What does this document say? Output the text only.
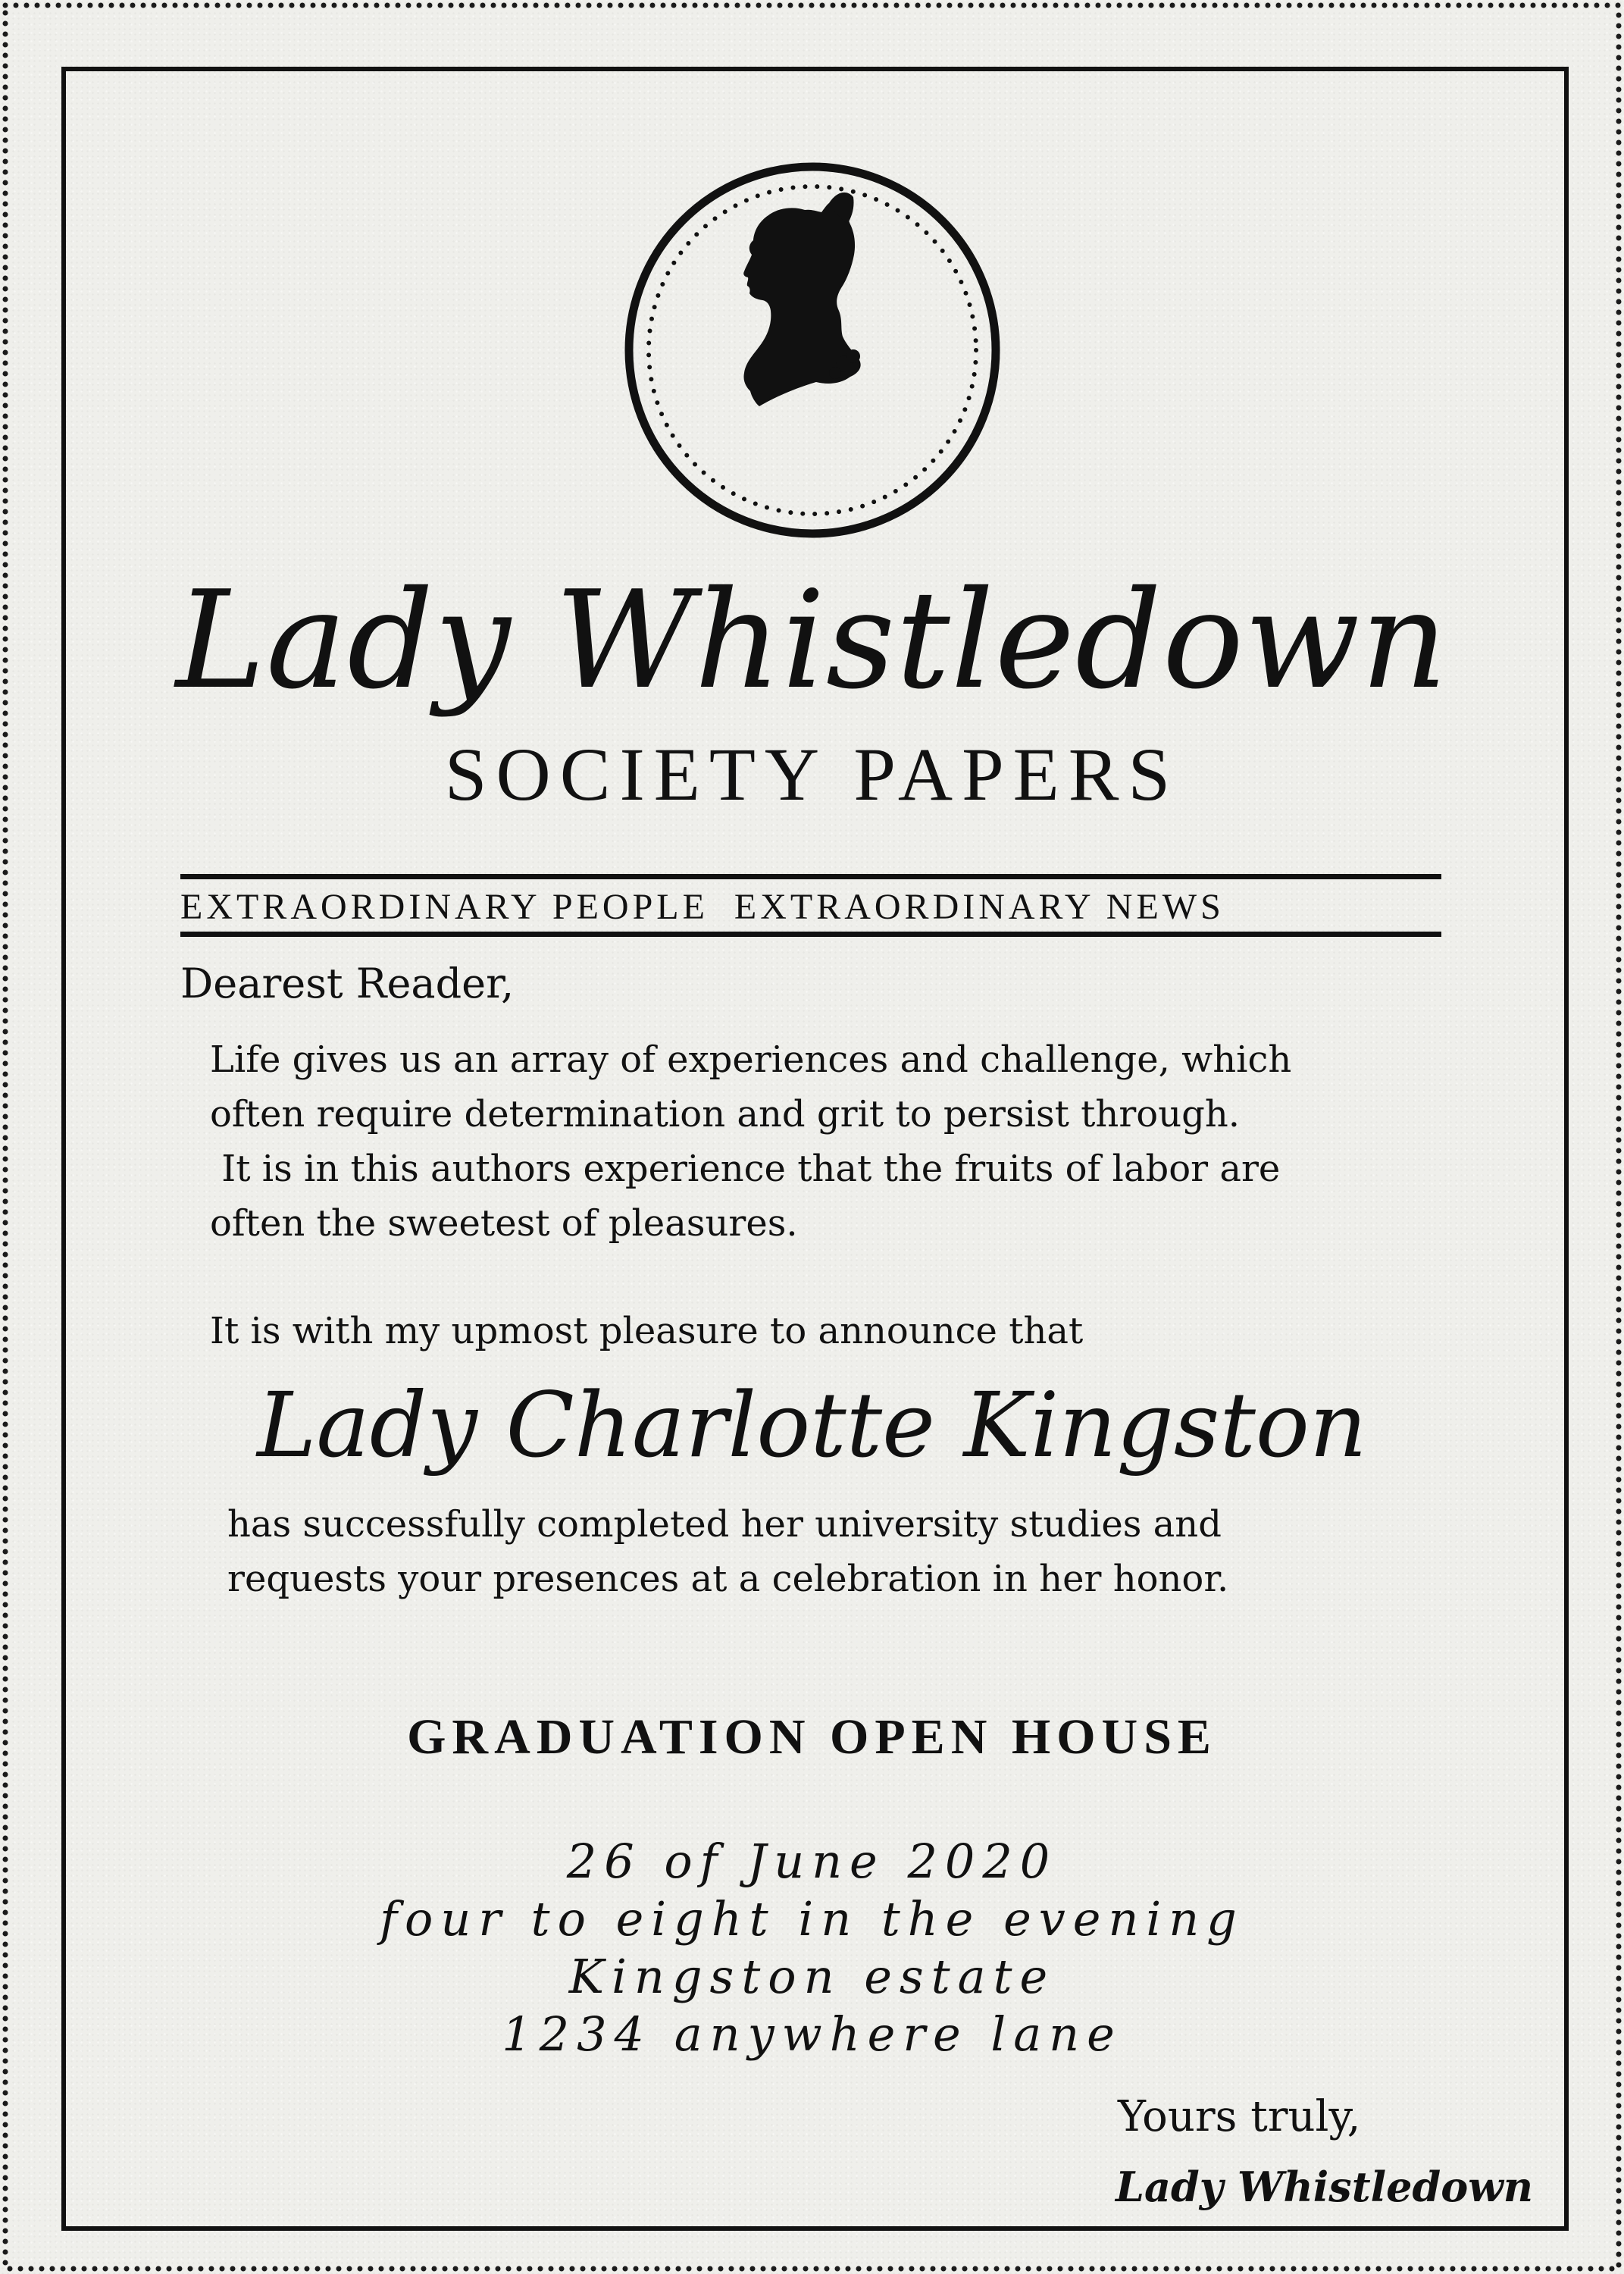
Lady Whistledown
SOCIETY PAPERS
EXTRAORDINARY PEOPLE  EXTRAORDINARY NEWS
Dearest Reader,
Life gives us an array of experiences and challenge, which
often require determination and grit to persist through.
It is in this authors experience that the fruits of labor are
often the sweetest of pleasures.
It is with my upmost pleasure to announce that
Lady Charlotte Kingston
has successfully completed her university studies and
requests your presences at a celebration in her honor.
GRADUATION OPEN HOUSE
26 of June 2020
four to eight in the evening
Kingston estate
1234 anywhere lane
Yours truly,
Lady Whistledown
